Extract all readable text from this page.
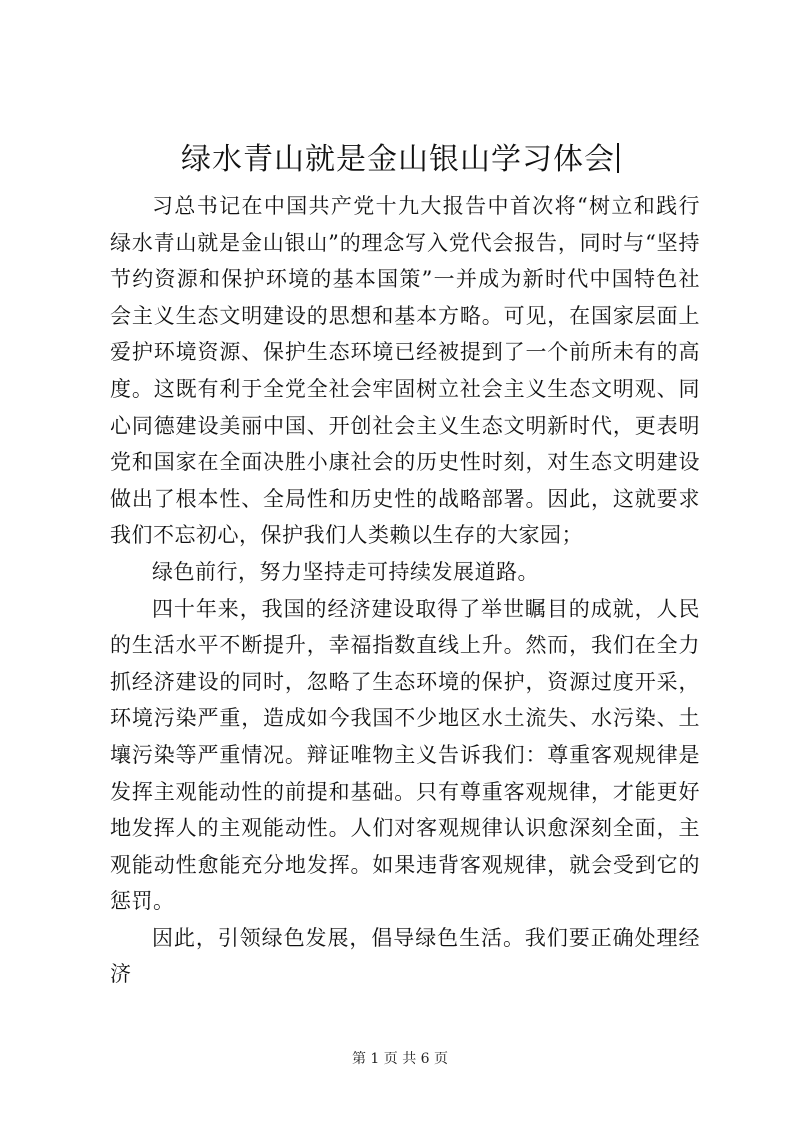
绿水青山就是金山银山学习体会

习总书记在中国共产党十九大报告中首次将“树立和践行绿水青山就是金山银山”的理念写入党代会报告，同时与“坚持节约资源和保护环境的基本国策”一并成为新时代中国特色社会主义生态文明建设的思想和基本方略。可见，在国家层面上爱护环境资源、保护生态环境已经被提到了一个前所未有的高度。这既有利于全党全社会牢固树立社会主义生态文明观、同心同德建设美丽中国、开创社会主义生态文明新时代，更表明党和国家在全面决胜小康社会的历史性时刻，对生态文明建设做出了根本性、全局性和历史性的战略部署。因此，这就要求我们不忘初心，保护我们人类赖以生存的大家园；

绿色前行，努力坚持走可持续发展道路。

四十年来，我国的经济建设取得了举世瞩目的成就，人民的生活水平不断提升，幸福指数直线上升。然而，我们在全力抓经济建设的同时，忽略了生态环境的保护，资源过度开采，环境污染严重，造成如今我国不少地区水土流失、水污染、土壤污染等严重情况。辩证唯物主义告诉我们：尊重客观规律是发挥主观能动性的前提和基础。只有尊重客观规律，才能更好地发挥人的主观能动性。人们对客观规律认识愈深刻全面，主观能动性愈能充分地发挥。如果违背客观规律，就会受到它的惩罚。

因此，引领绿色发展，倡导绿色生活。我们要正确处理经济

第 1 页 共 6 页
